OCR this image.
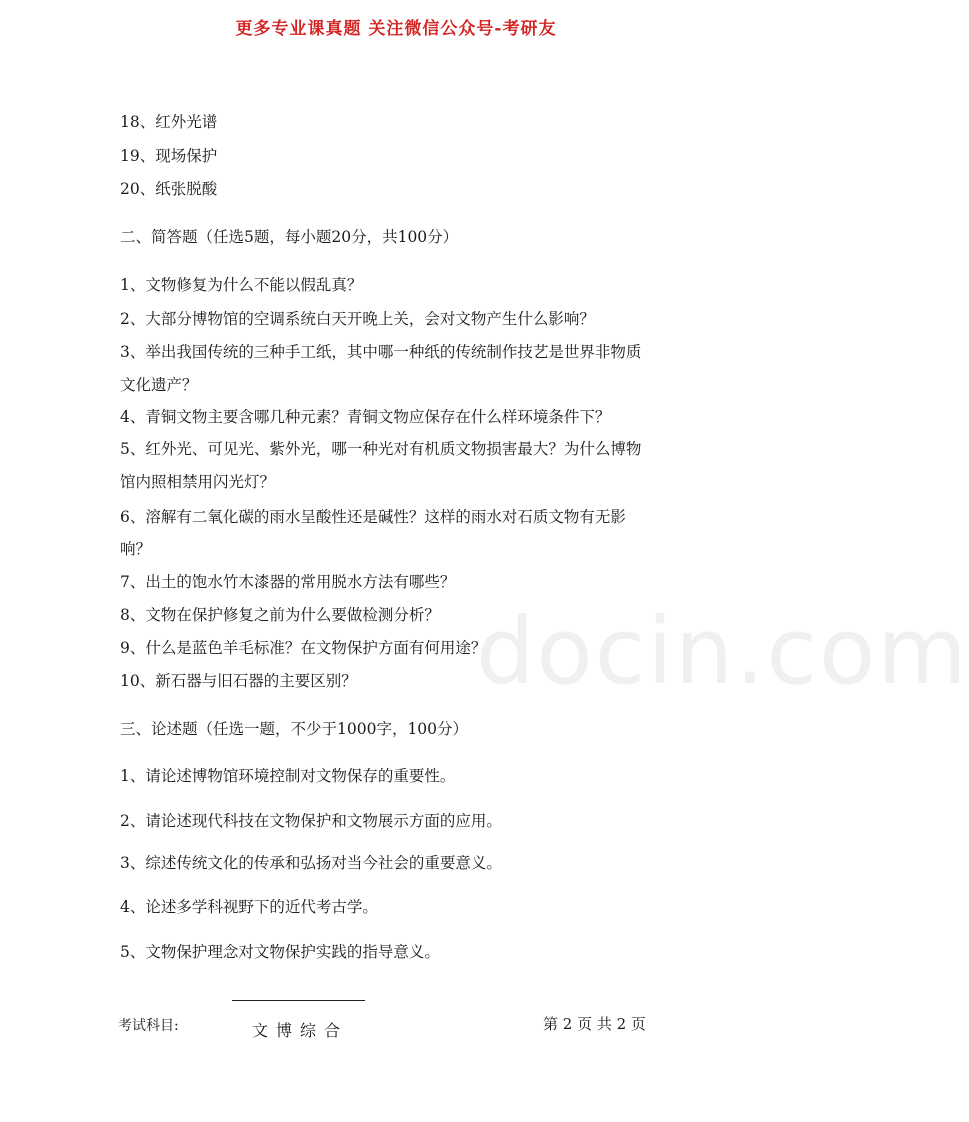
更多专业课真题 关注微信公众号-考研友
docin.com
18、红外光谱
19、现场保护
20、纸张脱酸
二、简答题（任选5题，每小题20分，共100分）
1、文物修复为什么不能以假乱真？
2、大部分博物馆的空调系统白天开晚上关，会对文物产生什么影响？
3、举出我国传统的三种手工纸，其中哪一种纸的传统制作技艺是世界非物质
文化遗产？
4、青铜文物主要含哪几种元素？青铜文物应保存在什么样环境条件下？
5、红外光、可见光、紫外光，哪一种光对有机质文物损害最大？为什么博物
馆内照相禁用闪光灯？
6、溶解有二氧化碳的雨水呈酸性还是碱性？这样的雨水对石质文物有无影
响？
7、出土的饱水竹木漆器的常用脱水方法有哪些？
8、文物在保护修复之前为什么要做检测分析？
9、什么是蓝色羊毛标准？在文物保护方面有何用途？
10、新石器与旧石器的主要区别？
三、论述题（任选一题，不少于1000字，100分）
1、请论述博物馆环境控制对文物保存的重要性。
2、请论述现代科技在文物保护和文物展示方面的应用。
3、综述传统文化的传承和弘扬对当今社会的重要意义。
4、论述多学科视野下的近代考古学。
5、文物保护理念对文物保护实践的指导意义。
考试科目:	文博综合	第 2 页 共 2 页
